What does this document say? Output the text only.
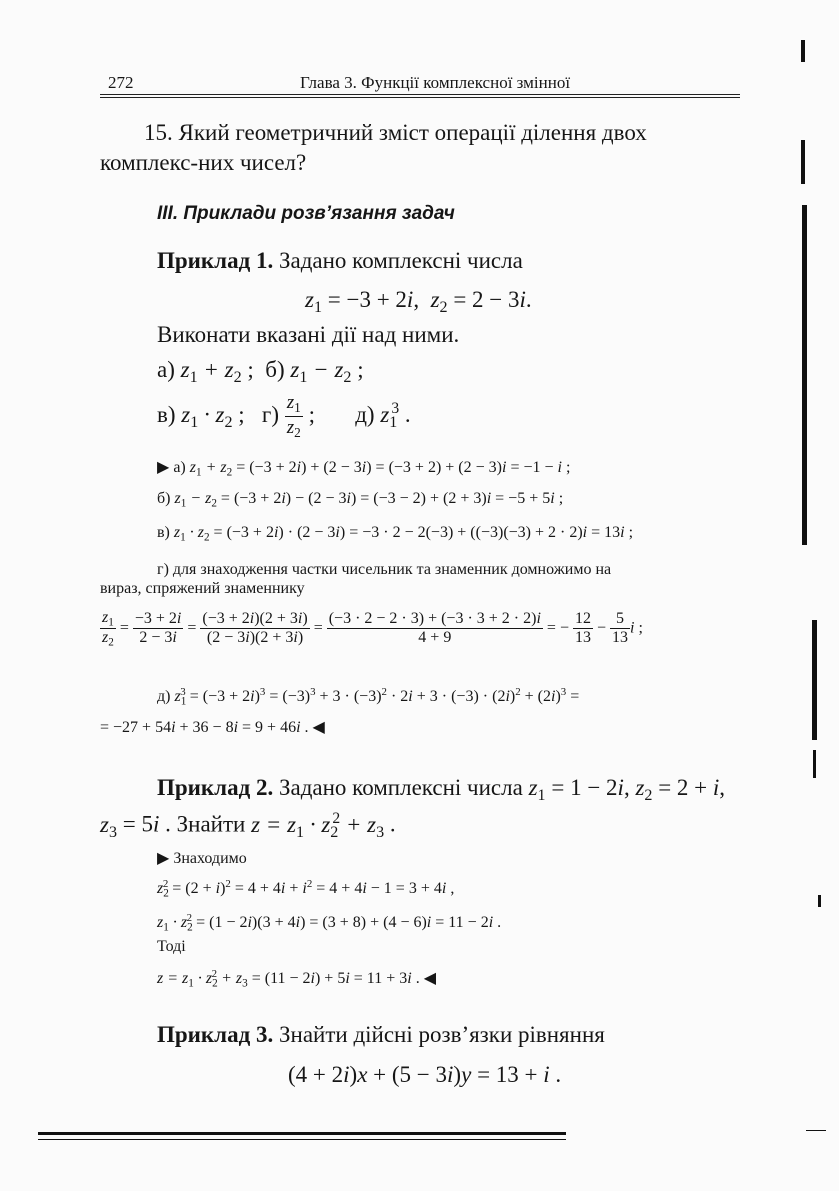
272	Глава 3. Функції комплексної змінної
15. Який геометричний зміст операції ділення двох комплекс-них чисел?
III. Приклади розв’язання задач
Приклад 1. Задано комплексні числа
$z_1 = -3 + 2i$,  $z_2 = 2 - 3i$.
Виконати вказані дії над ними.
а) $z_1 + z_2$ ;  б) $z_1 - z_2$ ;
в) $z_1 \cdot z_2$ ;   $г) \frac{z_1}{z_2}$ ;       д) $z_1^3$ .
▶ а) $z_1 + z_2 = (-3 + 2i) + (2 - 3i) = (-3 + 2) + (2 - 3)i = -1 - i$ ;
б) $z_1 - z_2 = (-3 + 2i) - (2 - 3i) = (-3 - 2) + (2 + 3)i = -5 + 5i$ ;
в) $z_1 \cdot z_2 = (-3 + 2i) \cdot (2 - 3i) = -3 \cdot 2 - 2(-3) + ((-3)(-3) + 2 \cdot 2)i = 13i$ ;
г) для знаходження частки чисельник та знаменник домножимо на
вираз, спряжений знаменнику
$\frac{z_1}{z_2} = \frac{-3 + 2i}{2 - 3i} = \frac{(-3 + 2i)(2 + 3i)}{(2 - 3i)(2 + 3i)} = \frac{(-3 \cdot 2 - 2 \cdot 3) + (-3 \cdot 3 + 2 \cdot 2)i}{4 + 9}$ = − $\frac{12}{13} - \frac{5}{13}$ i ;
д) $z_1^3 = (-3 + 2i)^3 = (-3)^3 + 3 \cdot (-3)^2 \cdot 2i + 3 \cdot (-3) \cdot (2i)^2 + (2i)^3$ =
= −27 + 54i + 36 − 8i = 9 + 46i . ◀
Приклад 2. Задано комплексні числа $z_1 = 1 - 2i$, $z_2 = 2 + i$,
$z_3 = 5i$ . Знайти $z = z_1 \cdot z_2^2 + z_3$ .
▶ Знаходимо
$z_2^2 = (2 + i)^2 = 4 + 4i + i^2 = 4 + 4i - 1 = 3 + 4i$ ,
$z_1 \cdot z_2^2 = (1 - 2i)(3 + 4i) = (3 + 8) + (4 - 6)i = 11 - 2i$ .
Тоді
$z = z_1 \cdot z_2^2 + z_3 = (11 - 2i) + 5i = 11 + 3i$ . ◀
Приклад 3. Знайти дійсні розв’язки рівняння
(4 + 2i)x + (5 − 3i)y = 13 + i .
